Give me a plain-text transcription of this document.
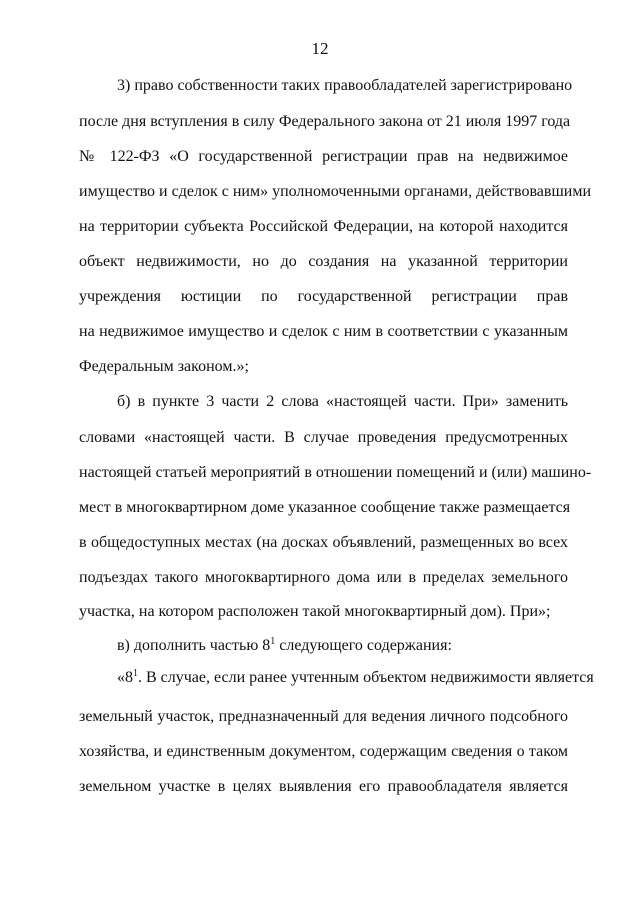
12
3) право собственности таких правообладателей зарегистрировано
после дня вступления в силу Федерального закона от 21 июля 1997 года
№ 122-ФЗ «О государственной регистрации прав на недвижимое
имущество и сделок с ним» уполномоченными органами, действовавшими
на территории субъекта Российской Федерации, на которой находится
объект недвижимости, но до создания на указанной территории
учреждения юстиции по государственной регистрации прав
на недвижимое имущество и сделок с ним в соответствии с указанным
Федеральным законом.»;
б) в пункте 3 части 2 слова «настоящей части. При» заменить
словами «настоящей части. В случае проведения предусмотренных
настоящей статьей мероприятий в отношении помещений и (или) машино-
мест в многоквартирном доме указанное сообщение также размещается
в общедоступных местах (на досках объявлений, размещенных во всех
подъездах такого многоквартирного дома или в пределах земельного
участка, на котором расположен такой многоквартирный дом). При»;
в) дополнить частью $8^1$ следующего содержания:
«$8^1$. В случае, если ранее учтенным объектом недвижимости является
земельный участок, предназначенный для ведения личного подсобного
хозяйства, и единственным документом, содержащим сведения о таком
земельном участке в целях выявления его правообладателя является
